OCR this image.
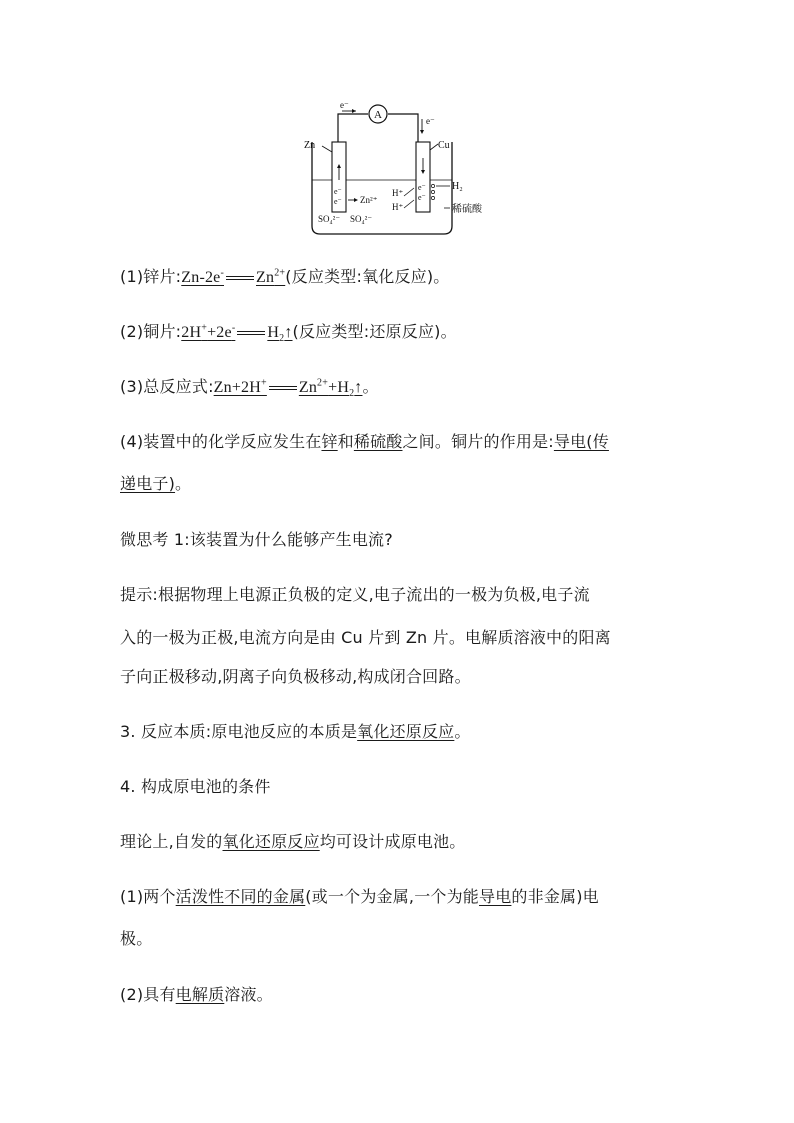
A
e⁻
e⁻
Zn
e⁻
e⁻ Zn²⁺
Cu
e⁻
e⁻
H⁺
H⁺
H₂
稀硫酸
SO₄²⁻ SO₄²⁻
(1)锌片:Zn-2e- $Zn^{2+}$(反应类型:氧化反应)。
(2)铜片:2H++2e- $H_2↑$(反应类型:还原反应)。
(3)总反应式:Zn+2H+ $Zn^{2+}+H_2↑$。
(4)装置中的化学反应发生在锌和稀硫酸之间。铜片的作用是:导电(传
递电子)。
微思考 1:该装置为什么能够产生电流?
提示:根据物理上电源正负极的定义,电子流出的一极为负极,电子流
入的一极为正极,电流方向是由 Cu 片到 Zn 片。电解质溶液中的阳离
子向正极移动,阴离子向负极移动,构成闭合回路。
3. 反应本质:原电池反应的本质是氧化还原反应。
4. 构成原电池的条件
理论上,自发的氧化还原反应均可设计成原电池。
(1)两个活泼性不同的金属(或一个为金属,一个为能导电的非金属)电
极。
(2)具有电解质溶液。
